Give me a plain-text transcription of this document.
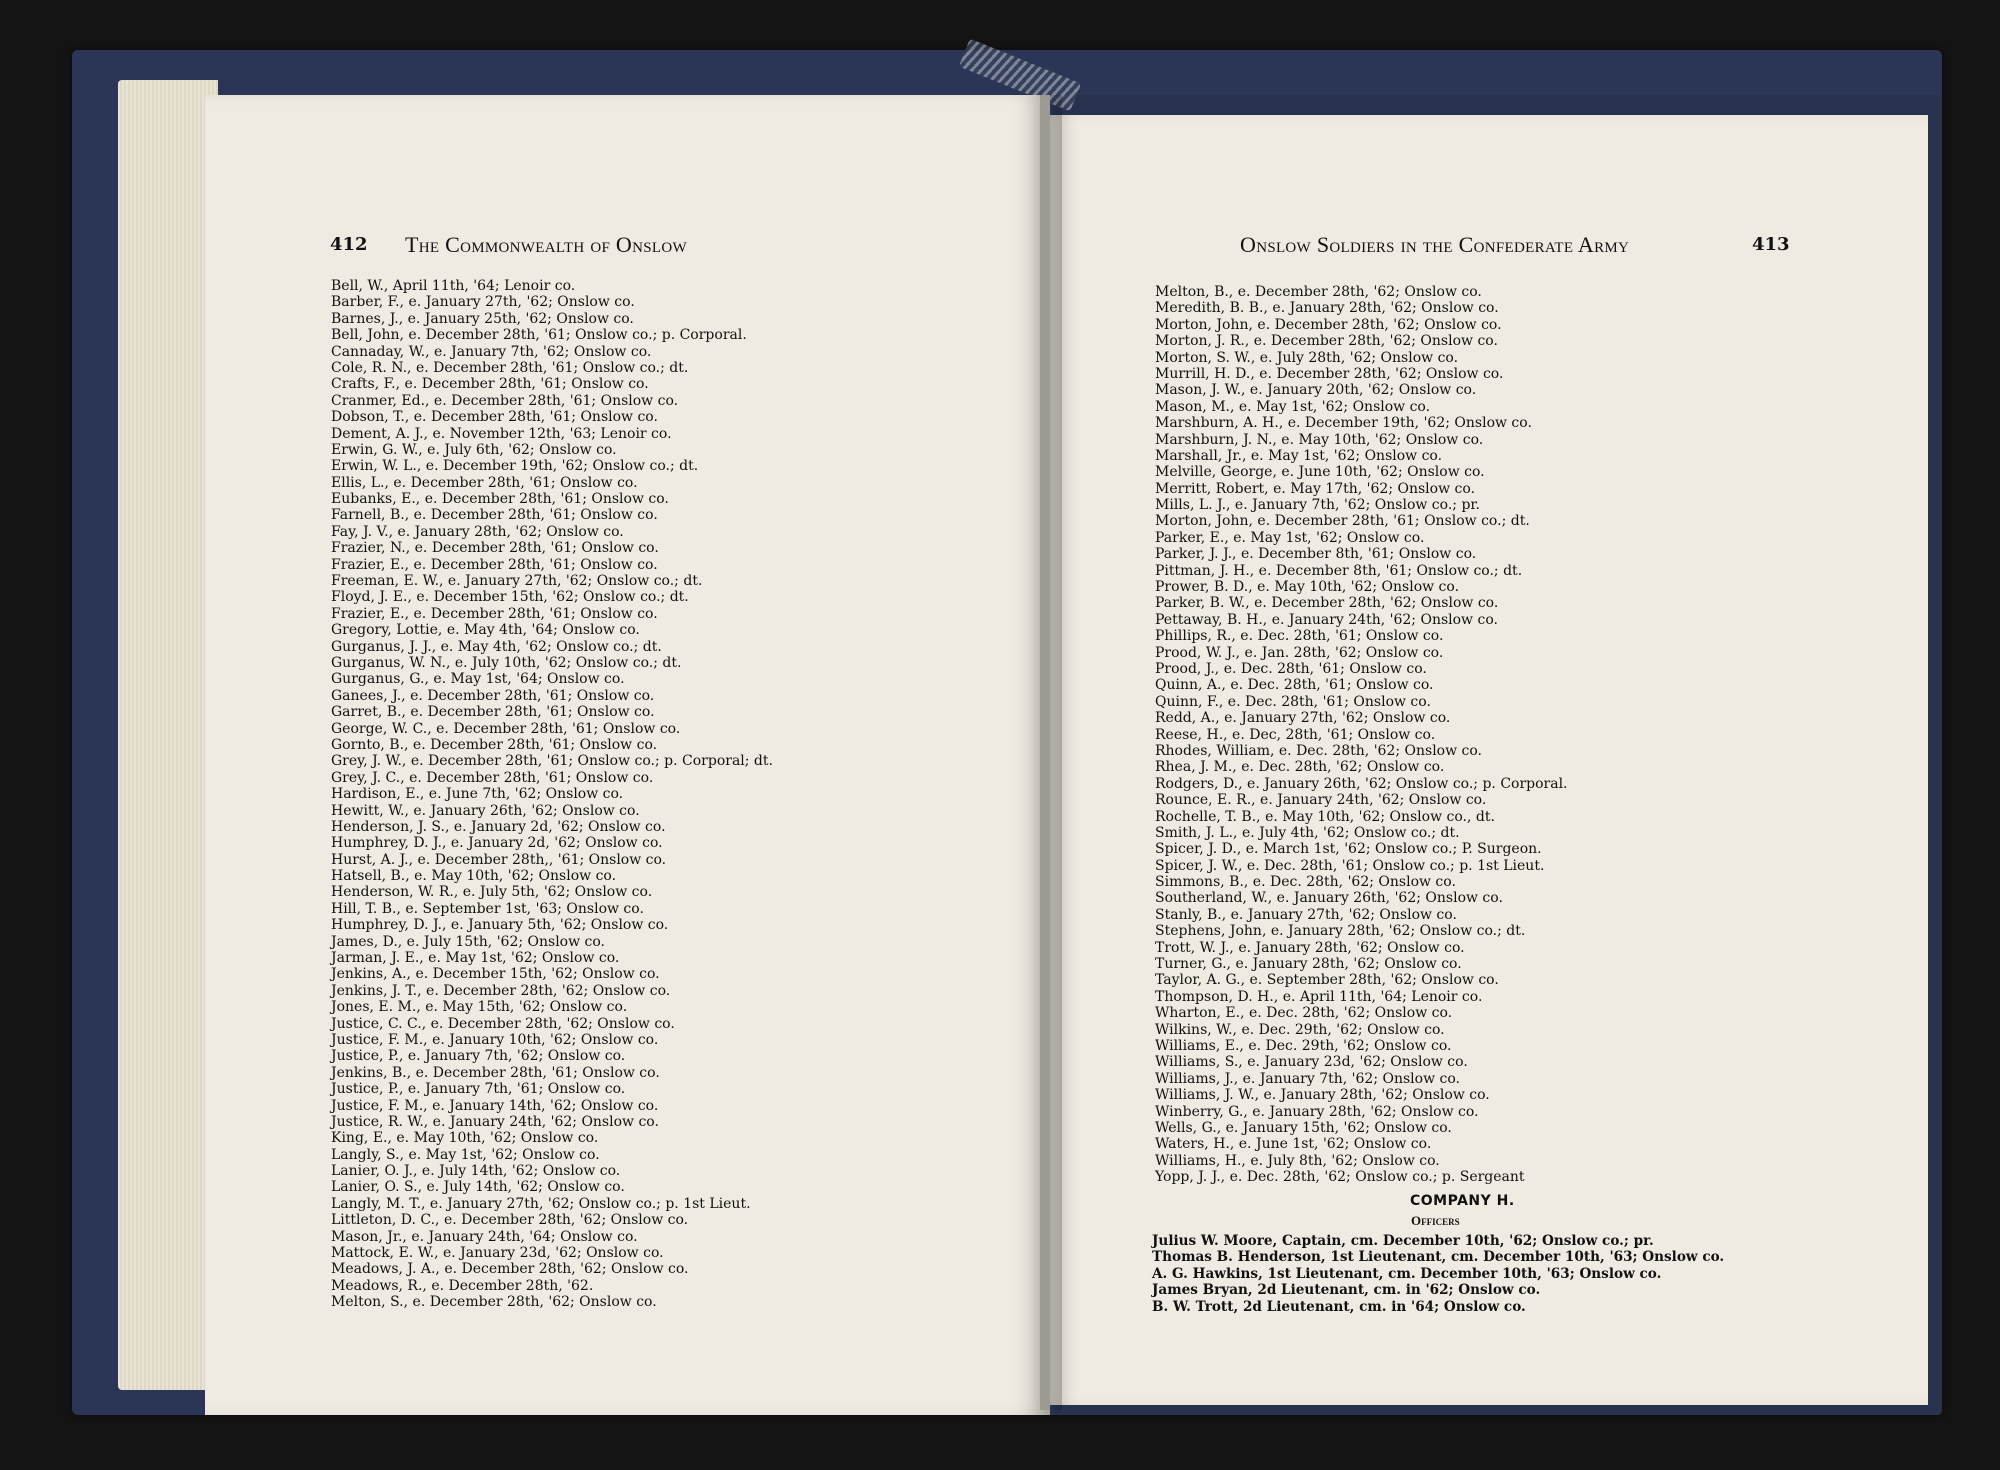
412 The Commonwealth of Onslow	Onslow Soldiers in the Confederate Army	413
Bell, W., April 11th, '64; Lenoir co.
Barber, F., e. January 27th, '62; Onslow co.
Barnes, J., e. January 25th, '62; Onslow co.
Bell, John, e. December 28th, '61; Onslow co.; p. Corporal.
Cannaday, W., e. January 7th, '62; Onslow co.
Cole, R. N., e. December 28th, '61; Onslow co.; dt.
Crafts, F., e. December 28th, '61; Onslow co.
Cranmer, Ed., e. December 28th, '61; Onslow co.
Dobson, T., e. December 28th, '61; Onslow co.
Dement, A. J., e. November 12th, '63; Lenoir co.
Erwin, G. W., e. July 6th, '62; Onslow co.
Erwin, W. L., e. December 19th, '62; Onslow co.; dt.
Ellis, L., e. December 28th, '61; Onslow co.
Eubanks, E., e. December 28th, '61; Onslow co.
Farnell, B., e. December 28th, '61; Onslow co.
Fay, J. V., e. January 28th, '62; Onslow co.
Frazier, N., e. December 28th, '61; Onslow co.
Frazier, E., e. December 28th, '61; Onslow co.
Freeman, E. W., e. January 27th, '62; Onslow co.; dt.
Floyd, J. E., e. December 15th, '62; Onslow co.; dt.
Frazier, E., e. December 28th, '61; Onslow co.
Gregory, Lottie, e. May 4th, '64; Onslow co.
Gurganus, J. J., e. May 4th, '62; Onslow co.; dt.
Gurganus, W. N., e. July 10th, '62; Onslow co.; dt.
Gurganus, G., e. May 1st, '64; Onslow co.
Ganees, J., e. December 28th, '61; Onslow co.
Garret, B., e. December 28th, '61; Onslow co.
George, W. C., e. December 28th, '61; Onslow co.
Gornto, B., e. December 28th, '61; Onslow co.
Grey, J. W., e. December 28th, '61; Onslow co.; p. Corporal; dt.
Grey, J. C., e. December 28th, '61; Onslow co.
Hardison, E., e. June 7th, '62; Onslow co.
Hewitt, W., e. January 26th, '62; Onslow co.
Henderson, J. S., e. January 2d, '62; Onslow co.
Humphrey, D. J., e. January 2d, '62; Onslow co.
Hurst, A. J., e. December 28th,, '61; Onslow co.
Hatsell, B., e. May 10th, '62; Onslow co.
Henderson, W. R., e. July 5th, '62; Onslow co.
Hill, T. B., e. September 1st, '63; Onslow co.
Humphrey, D. J., e. January 5th, '62; Onslow co.
James, D., e. July 15th, '62; Onslow co.
Jarman, J. E., e. May 1st, '62; Onslow co.
Jenkins, A., e. December 15th, '62; Onslow co.
Jenkins, J. T., e. December 28th, '62; Onslow co.
Jones, E. M., e. May 15th, '62; Onslow co.
Justice, C. C., e. December 28th, '62; Onslow co.
Justice, F. M., e. January 10th, '62; Onslow co.
Justice, P., e. January 7th, '62; Onslow co.
Jenkins, B., e. December 28th, '61; Onslow co.
Justice, P., e. January 7th, '61; Onslow co.
Justice, F. M., e. January 14th, '62; Onslow co.
Justice, R. W., e. January 24th, '62; Onslow co.
King, E., e. May 10th, '62; Onslow co.
Langly, S., e. May 1st, '62; Onslow co.
Lanier, O. J., e. July 14th, '62; Onslow co.
Lanier, O. S., e. July 14th, '62; Onslow co.
Langly, M. T., e. January 27th, '62; Onslow co.; p. 1st Lieut.
Littleton, D. C., e. December 28th, '62; Onslow co.
Mason, Jr., e. January 24th, '64; Onslow co.
Mattock, E. W., e. January 23d, '62; Onslow co.
Meadows, J. A., e. December 28th, '62; Onslow co.
Meadows, R., e. December 28th, '62.
Melton, S., e. December 28th, '62; Onslow co.
Melton, B., e. December 28th, '62; Onslow co.
Meredith, B. B., e. January 28th, '62; Onslow co.
Morton, John, e. December 28th, '62; Onslow co.
Morton, J. R., e. December 28th, '62; Onslow co.
Morton, S. W., e. July 28th, '62; Onslow co.
Murrill, H. D., e. December 28th, '62; Onslow co.
Mason, J. W., e. January 20th, '62; Onslow co.
Mason, M., e. May 1st, '62; Onslow co.
Marshburn, A. H., e. December 19th, '62; Onslow co.
Marshburn, J. N., e. May 10th, '62; Onslow co.
Marshall, Jr., e. May 1st, '62; Onslow co.
Melville, George, e. June 10th, '62; Onslow co.
Merritt, Robert, e. May 17th, '62; Onslow co.
Mills, L. J., e. January 7th, '62; Onslow co.; pr.
Morton, John, e. December 28th, '61; Onslow co.; dt.
Parker, E., e. May 1st, '62; Onslow co.
Parker, J. J., e. December 8th, '61; Onslow co.
Pittman, J. H., e. December 8th, '61; Onslow co.; dt.
Prower, B. D., e. May 10th, '62; Onslow co.
Parker, B. W., e. December 28th, '62; Onslow co.
Pettaway, B. H., e. January 24th, '62; Onslow co.
Phillips, R., e. Dec. 28th, '61; Onslow co.
Prood, W. J., e. Jan. 28th, '62; Onslow co.
Prood, J., e. Dec. 28th, '61; Onslow co.
Quinn, A., e. Dec. 28th, '61; Onslow co.
Quinn, F., e. Dec. 28th, '61; Onslow co.
Redd, A., e. January 27th, '62; Onslow co.
Reese, H., e. Dec, 28th, '61; Onslow co.
Rhodes, William, e. Dec. 28th, '62; Onslow co.
Rhea, J. M., e. Dec. 28th, '62; Onslow co.
Rodgers, D., e. January 26th, '62; Onslow co.; p. Corporal.
Rounce, E. R., e. January 24th, '62; Onslow co.
Rochelle, T. B., e. May 10th, '62; Onslow co., dt.
Smith, J. L., e. July 4th, '62; Onslow co.; dt.
Spicer, J. D., e. March 1st, '62; Onslow co.; P. Surgeon.
Spicer, J. W., e. Dec. 28th, '61; Onslow co.; p. 1st Lieut.
Simmons, B., e. Dec. 28th, '62; Onslow co.
Southerland, W., e. January 26th, '62; Onslow co.
Stanly, B., e. January 27th, '62; Onslow co.
Stephens, John, e. January 28th, '62; Onslow co.; dt.
Trott, W. J., e. January 28th, '62; Onslow co.
Turner, G., e. January 28th, '62; Onslow co.
Taylor, A. G., e. September 28th, '62; Onslow co.
Thompson, D. H., e. April 11th, '64; Lenoir co.
Wharton, E., e. Dec. 28th, '62; Onslow co.
Wilkins, W., e. Dec. 29th, '62; Onslow co.
Williams, E., e. Dec. 29th, '62; Onslow co.
Williams, S., e. January 23d, '62; Onslow co.
Williams, J., e. January 7th, '62; Onslow co.
Williams, J. W., e. January 28th, '62; Onslow co.
Winberry, G., e. January 28th, '62; Onslow co.
Wells, G., e. January 15th, '62; Onslow co.
Waters, H., e. June 1st, '62; Onslow co.
Williams, H., e. July 8th, '62; Onslow co.
Yopp, J. J., e. Dec. 28th, '62; Onslow co.; p. Sergeant
COMPANY H.
Officers
Julius W. Moore, Captain, cm. December 10th, '62; Onslow co.; pr.
Thomas B. Henderson, 1st Lieutenant, cm. December 10th, '63; Onslow co.
A. G. Hawkins, 1st Lieutenant, cm. December 10th, '63; Onslow co.
James Bryan, 2d Lieutenant, cm. in '62; Onslow co.
B. W. Trott, 2d Lieutenant, cm. in '64; Onslow co.
